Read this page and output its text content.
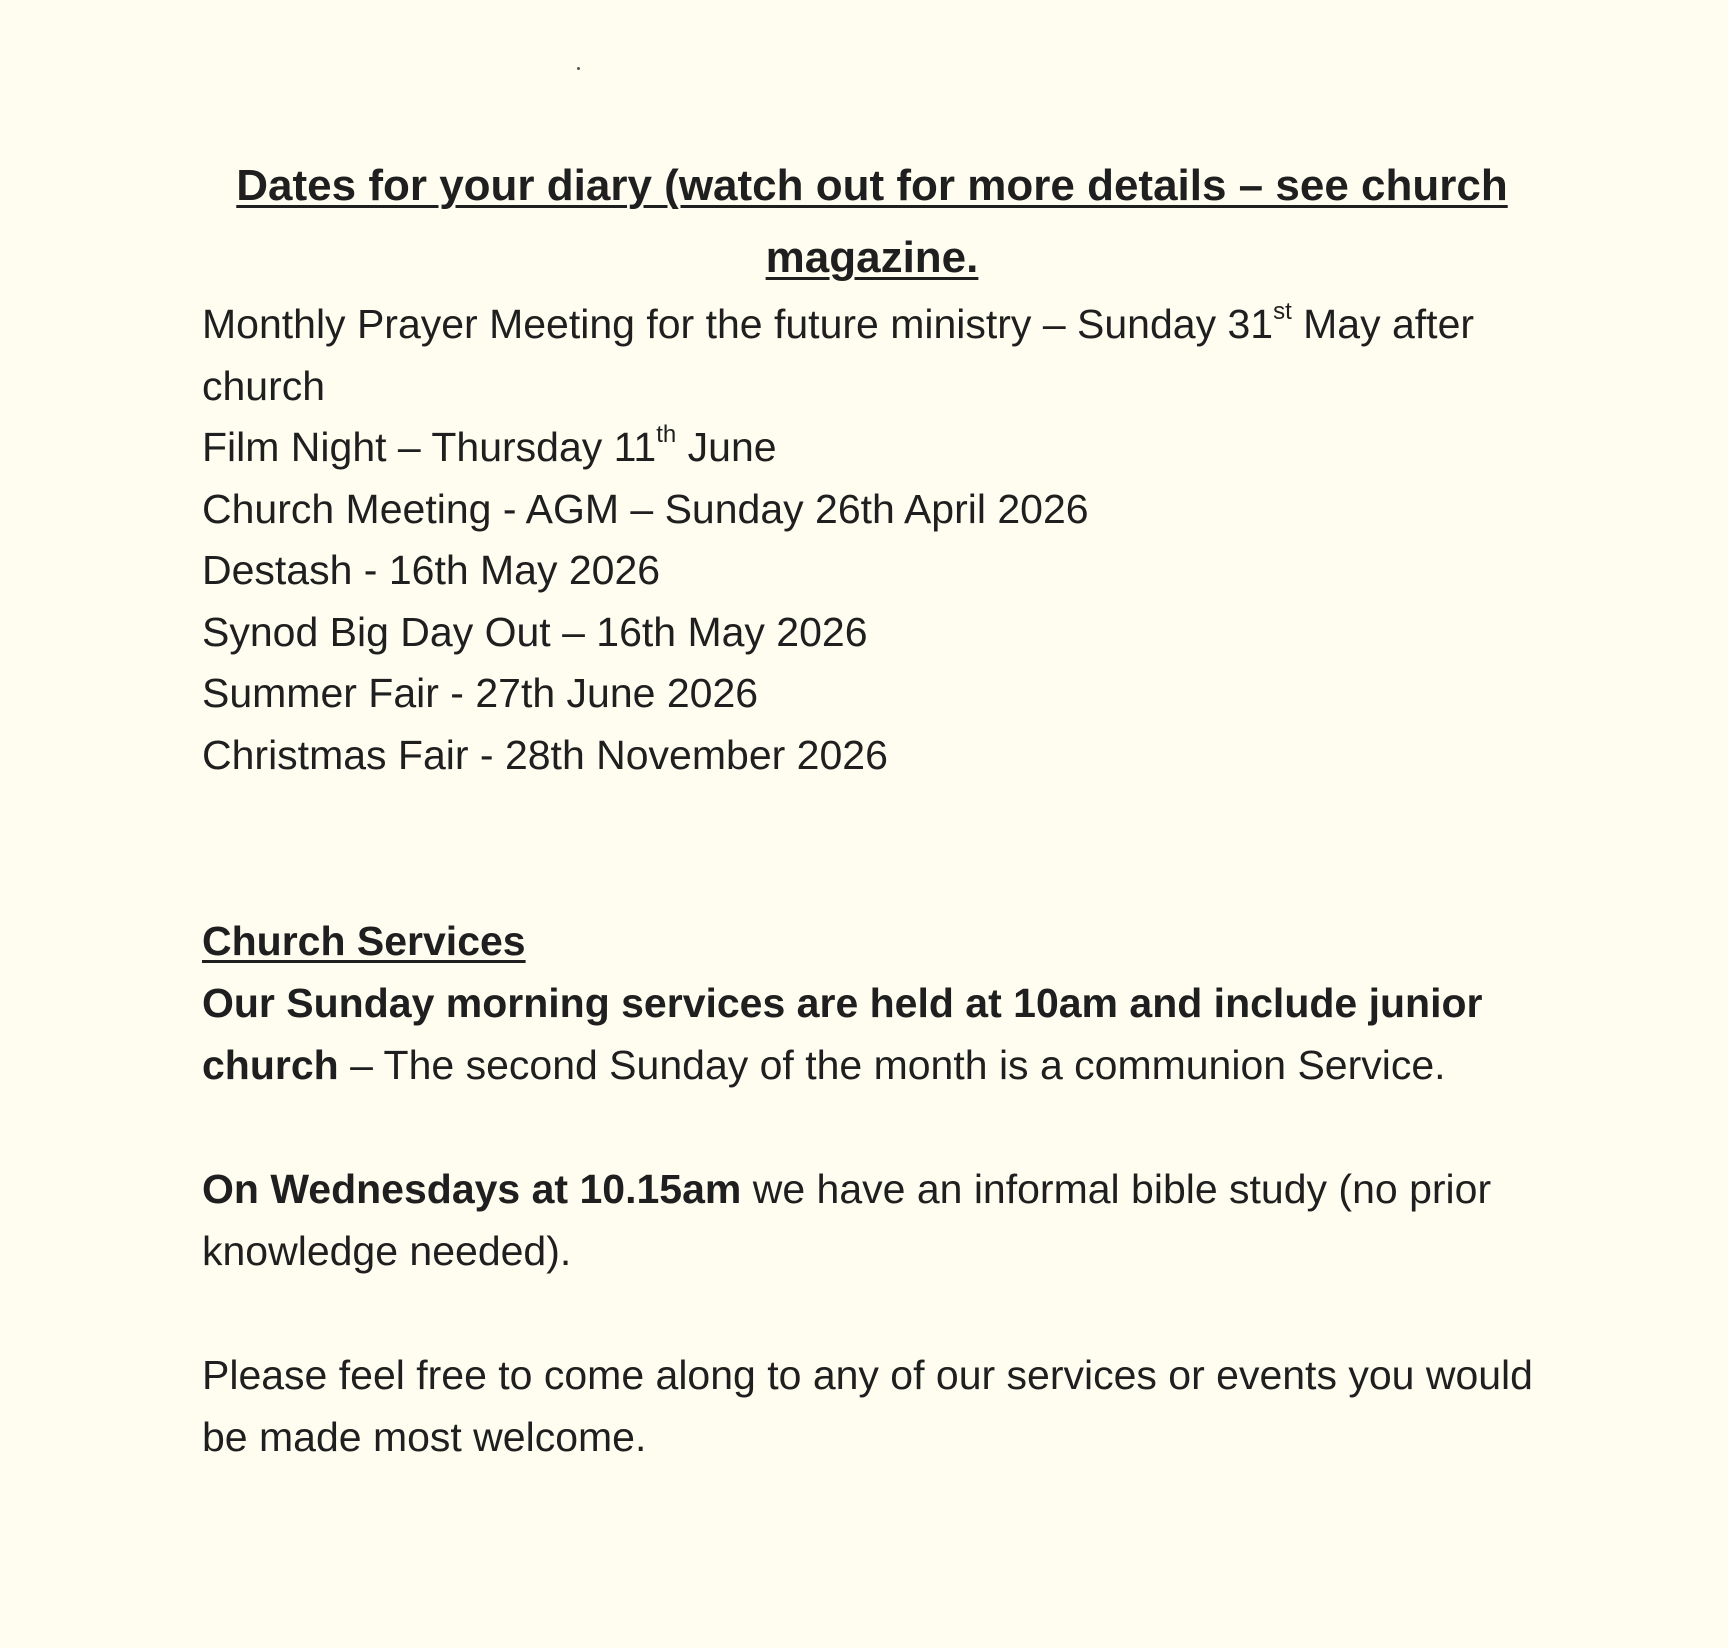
Dates for your diary (watch out for more details – see church magazine.
Monthly Prayer Meeting for the future ministry – Sunday 31st May after church
Film Night – Thursday 11th June
Church Meeting - AGM – Sunday 26th April 2026
Destash - 16th May 2026
Synod Big Day Out – 16th May 2026
Summer Fair - 27th June 2026
Christmas Fair - 28th November 2026
Church Services

Our Sunday morning services are held at 10am and include junior church – The second Sunday of the month is a communion Service.

On Wednesdays at 10.15am we have an informal bible study (no prior knowledge needed).

Please feel free to come along to any of our services or events you would be made most welcome.
